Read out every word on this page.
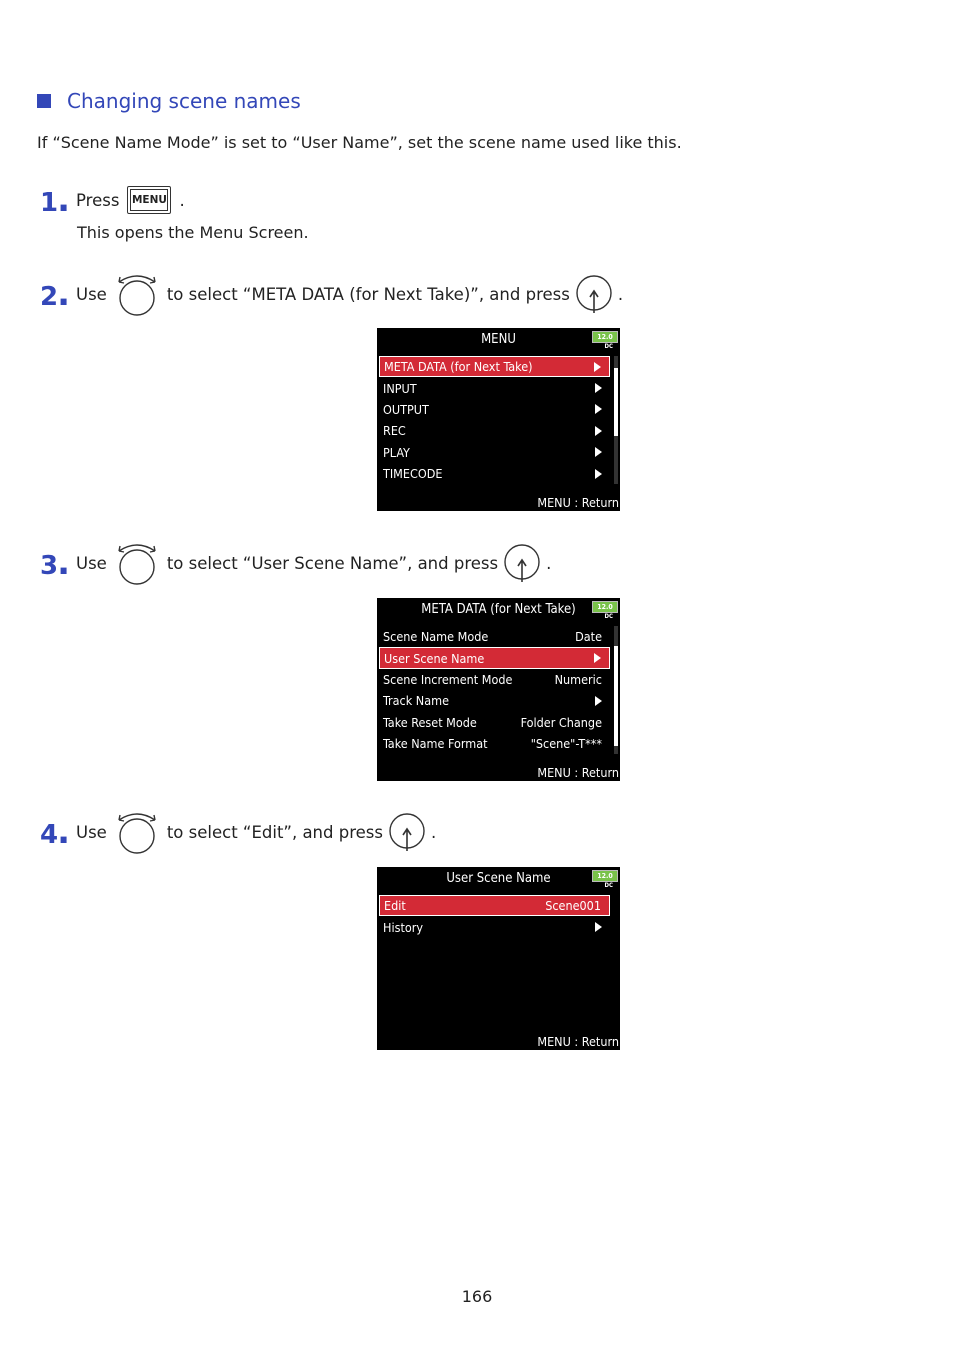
Changing scene names
If “Scene Name Mode” is set to “User Name”, set the scene name used like this.
1. Press MENU .
This opens the Menu Screen.
2. Use	to select “META DATA (for Next Take)”, and press	.
MENU	12.0
DC
META DATA (for Next Take)
INPUT
OUTPUT
REC
PLAY
TIMECODE
MENU : Return
3. Use	to select “User Scene Name”, and press	.
META DATA (for Next Take)	12.0
DC
Scene Name Mode	Date
User Scene Name
Scene Increment Mode	Numeric
Track Name
Take Reset Mode	Folder Change
Take Name Format	"Scene"-T***
MENU : Return
4. Use	to select “Edit”, and press	.
User Scene Name	12.0
DC
Edit	Scene001
History
MENU : Return
166
